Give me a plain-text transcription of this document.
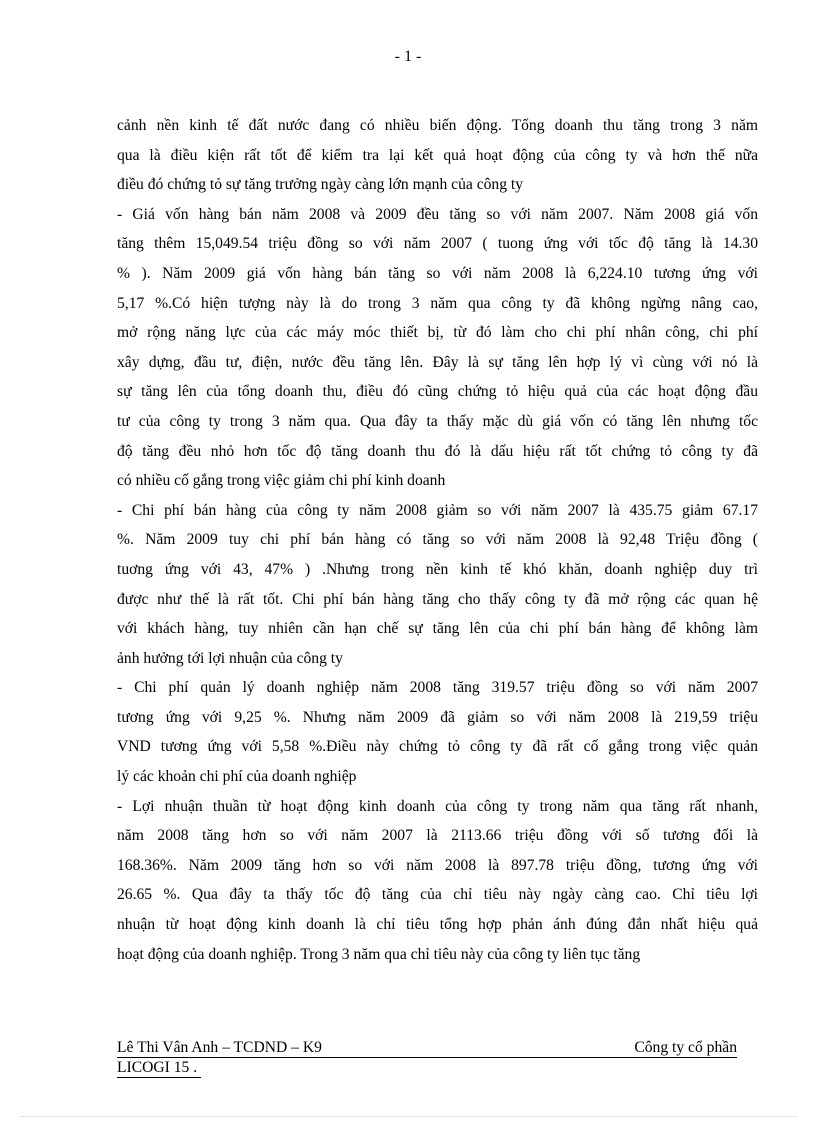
- 1 -
cảnh nền kinh tế đất nước đang có nhiều biến động. Tổng doanh thu tăng trong 3 năm
qua là điều kiện rất tốt để kiểm tra lại kết quả hoạt động của công ty và hơn thế nữa
điều đó chứng tỏ sự tăng trưởng ngày càng lớn mạnh của công ty
- Giá vốn hàng bán năm 2008 và 2009 đều tăng so với năm 2007. Năm 2008 giá vốn
tăng thêm 15,049.54 triệu đồng so với năm 2007 ( tuong ứng với tốc độ tăng là 14.30
% ). Năm 2009 giá vốn hàng bán tăng so với năm 2008 là 6,224.10 tương ứng với
5,17 %.Có hiện tượng này là do trong 3 năm qua công ty đã không ngừng nâng cao,
mở rộng năng lực của các máy móc thiết bị, từ đó làm cho chi phí nhân công, chi phí
xây dựng, đầu tư, điện, nước đều tăng lên. Đây là sự tăng lên hợp lý vì cùng với nó là
sự tăng lên của tổng doanh thu, điều đó cũng chứng tỏ hiệu quả của các hoạt động đầu
tư của công ty trong 3 năm qua. Qua đây ta thấy mặc dù giá vốn có tăng lên nhưng tốc
độ tăng đều nhỏ hơn tốc độ tăng doanh thu đó là dấu hiệu rất tốt chứng tỏ công ty đã
có nhiều cố gắng trong việc giảm chi phí kinh doanh
- Chi phí bán hàng của công ty năm 2008 giảm so với năm 2007 là 435.75 giảm 67.17
%. Năm 2009 tuy chi phí bán hàng có tăng so với năm 2008 là 92,48 Triệu đồng (
tuơng ứng với 43, 47% ) .Nhưng trong nền kinh tế khó khăn, doanh nghiệp duy trì
được như thế là rất tốt. Chi phí bán hàng tăng cho thấy công ty đã mở rộng các quan hệ
với khách hàng, tuy nhiên cần hạn chế sự tăng lên của chi phí bán hàng để không làm
ảnh hưởng tới lợi nhuận của công ty
- Chi phí quản lý doanh nghiệp năm 2008 tăng 319.57 triệu đồng so với năm 2007
tương ứng với 9,25 %. Nhưng năm 2009 đã giảm so với năm 2008 là 219,59 triệu
VND tương ứng với 5,58 %.Điều này chứng tỏ công ty đã rất cố gắng trong việc quản
lý các khoản chi phí của doanh nghiệp
- Lợi nhuận thuần từ hoạt động kinh doanh của công ty trong năm qua tăng rất nhanh,
năm 2008 tăng hơn so với năm 2007 là 2113.66 triệu đồng với số tương đối là
168.36%. Năm 2009 tăng hơn so với năm 2008 là 897.78 triệu đồng, tương ứng với
26.65 %. Qua đây ta thấy tốc độ tăng của chỉ tiêu này ngày càng cao. Chỉ tiêu lợi
nhuận từ hoạt động kinh doanh là chỉ tiêu tổng hợp phản ánh đúng đắn nhất hiệu quả
hoạt động của doanh nghiệp. Trong 3 năm qua chỉ tiêu này của công ty liên tục tăng
Lê Thi Vân Anh – TCDND – K9	Công ty cổ phần
LICOGI 15 .
